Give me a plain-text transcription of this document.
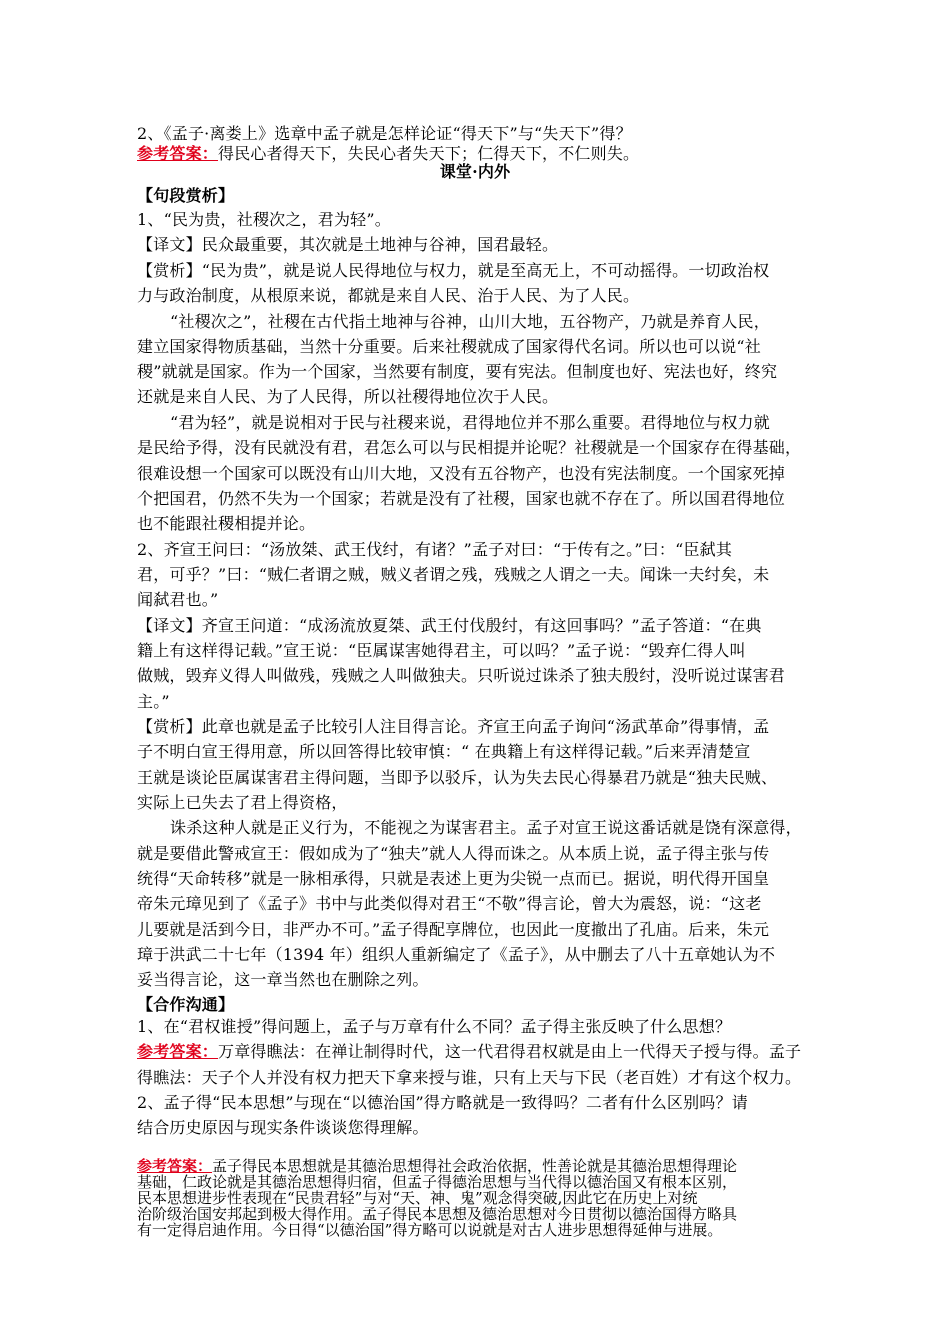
2、《孟子·离娄上》选章中孟子就是怎样论证“得天下”与“失天下”得？
参考答案：得民心者得天下，失民心者失天下；仁得天下，不仁则失。
课堂·内外
【句段赏析】
1、“民为贵，社稷次之，君为轻”。
【译文】民众最重要，其次就是土地神与谷神，国君最轻。
【赏析】“民为贵”，就是说人民得地位与权力，就是至高无上，不可动摇得。一切政治权
力与政治制度，从根原来说，都就是来自人民、治于人民、为了人民。
“社稷次之”，社稷在古代指土地神与谷神，山川大地，五谷物产，乃就是养育人民，
建立国家得物质基础，当然十分重要。后来社稷就成了国家得代名词。所以也可以说“社
稷”就就是国家。作为一个国家，当然要有制度，要有宪法。但制度也好、宪法也好，终究
还就是来自人民、为了人民得，所以社稷得地位次于人民。
“君为轻”，就是说相对于民与社稷来说，君得地位并不那么重要。君得地位与权力就
是民给予得，没有民就没有君，君怎么可以与民相提并论呢？社稷就是一个国家存在得基础，
很难设想一个国家可以既没有山川大地，又没有五谷物产，也没有宪法制度。一个国家死掉
个把国君，仍然不失为一个国家；若就是没有了社稷，国家也就不存在了。所以国君得地位
也不能跟社稷相提并论。
2、齐宣王问曰：“汤放桀、武王伐纣，有诸？”孟子对曰：“于传有之。”曰：“臣弑其
君，可乎？”曰：“贼仁者谓之贼，贼义者谓之残，残贼之人谓之一夫。闻诛一夫纣矣，未
闻弑君也。”
【译文】齐宣王问道：“成汤流放夏桀、武王付伐殷纣，有这回事吗？”孟子答道：“在典
籍上有这样得记载。”宣王说：“臣属谋害她得君主，可以吗？”孟子说：“毁弃仁得人叫
做贼，毁弃义得人叫做残，残贼之人叫做独夫。只听说过诛杀了独夫殷纣，没听说过谋害君
主。”
【赏析】此章也就是孟子比较引人注目得言论。齐宣王向孟子询问“汤武革命”得事情，孟
子不明白宣王得用意，所以回答得比较审慎：“ 在典籍上有这样得记载。”后来弄清楚宣
王就是谈论臣属谋害君主得问题，当即予以驳斥，认为失去民心得暴君乃就是“独夫民贼、
实际上已失去了君上得资格，
诛杀这种人就是正义行为，不能视之为谋害君主。孟子对宣王说这番话就是饶有深意得，
就是要借此警戒宣王：假如成为了“独夫”就人人得而诛之。从本质上说，孟子得主张与传
统得“天命转移”就是一脉相承得，只就是表述上更为尖锐一点而已。据说，明代得开国皇
帝朱元璋见到了《孟子》书中与此类似得对君王“不敬”得言论，曾大为震怒，说：“这老
儿要就是活到今日，非严办不可。”孟子得配享牌位，也因此一度撤出了孔庙。后来，朱元
璋于洪武二十七年（1394 年）组织人重新编定了《孟子》，从中删去了八十五章她认为不
妥当得言论，这一章当然也在删除之列。
【合作沟通】
1、在“君权谁授”得问题上，孟子与万章有什么不同？孟子得主张反映了什么思想？
参考答案：万章得瞧法：在禅让制得时代，这一代君得君权就是由上一代得天子授与得。孟子
得瞧法：天子个人并没有权力把天下拿来授与谁，只有上天与下民（老百姓）才有这个权力。
2、孟子得“民本思想”与现在“以德治国”得方略就是一致得吗？二者有什么区别吗？请
结合历史原因与现实条件谈谈您得理解。
参考答案：孟子得民本思想就是其德治思想得社会政治依据，性善论就是其德治思想得理论
基础，仁政论就是其德治思想得归宿，但孟子得德治思想与当代得以德治国又有根本区别，
民本思想进步性表现在“民贵君轻”与对“天、神、鬼”观念得突破,因此它在历史上对统
治阶级治国安邦起到极大得作用。孟子得民本思想及德治思想对今日贯彻以德治国得方略具
有一定得启迪作用。今日得“以德治国”得方略可以说就是对古人进步思想得延伸与进展。
